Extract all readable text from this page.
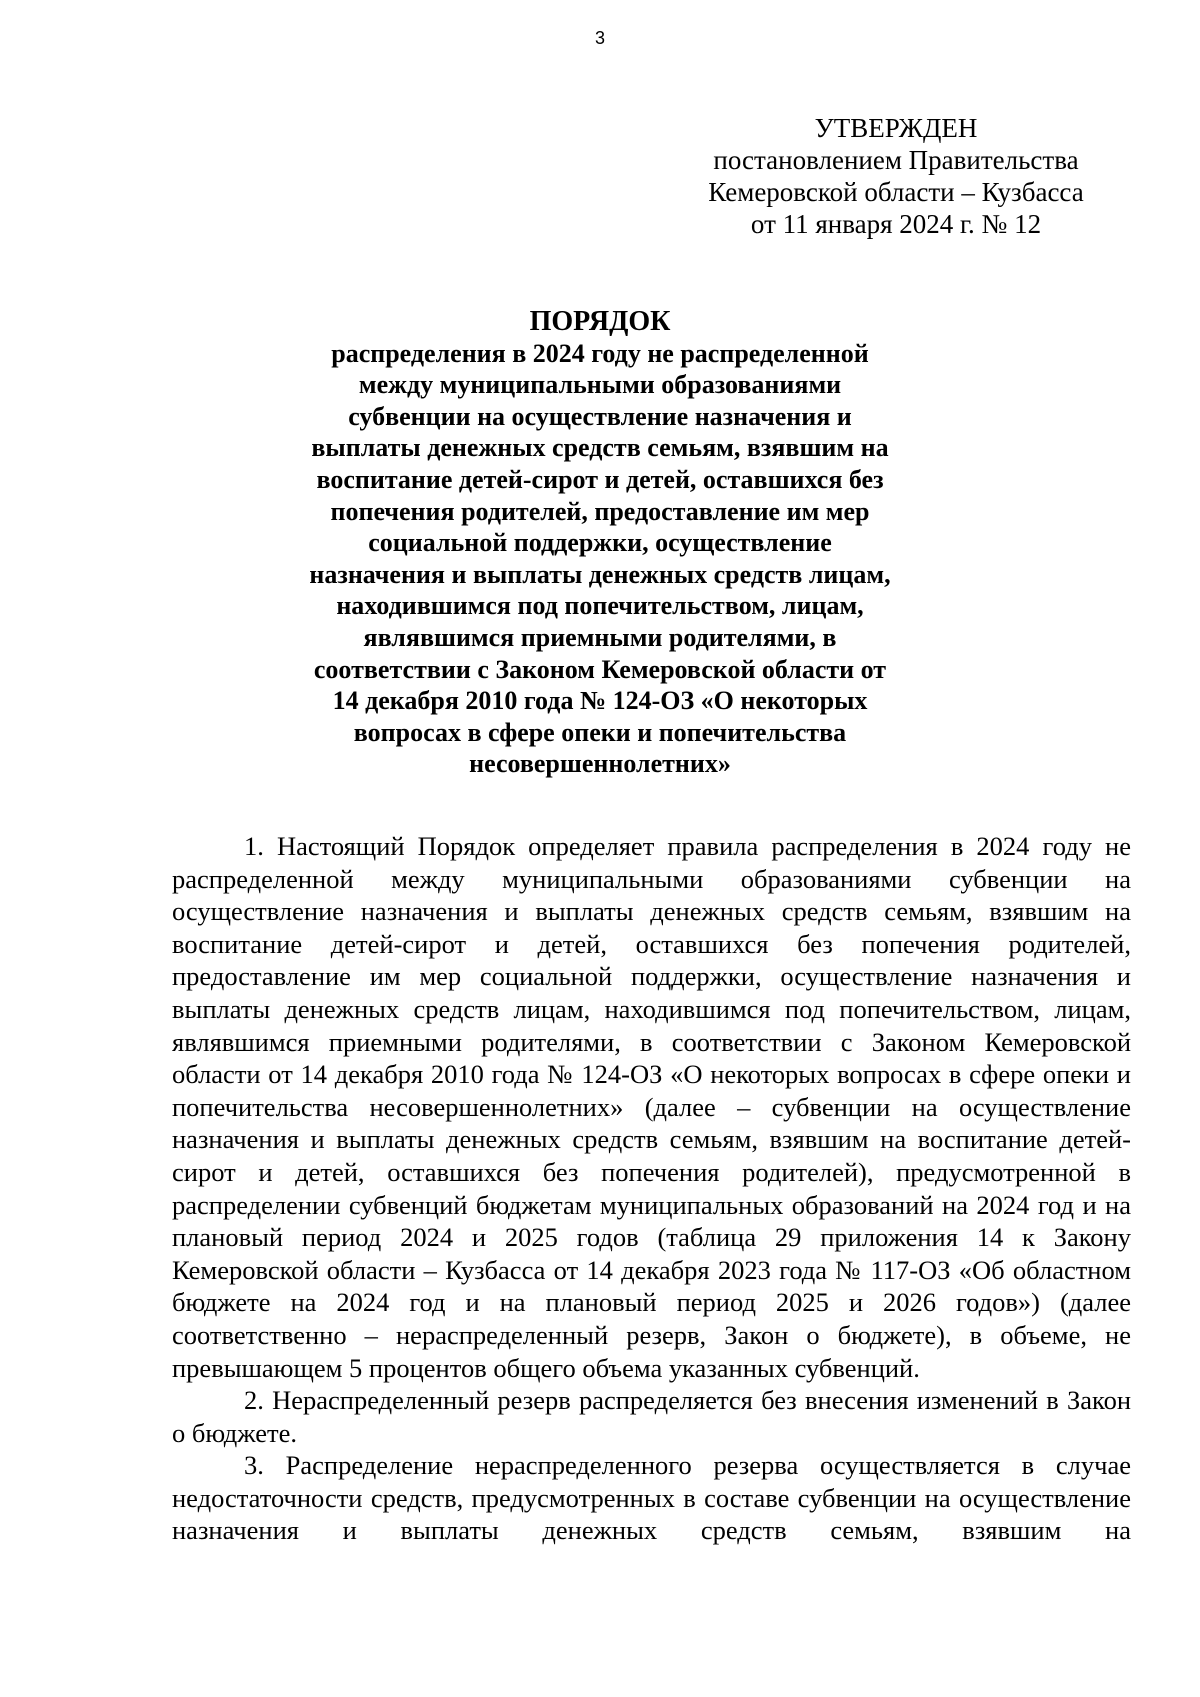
3
УТВЕРЖДЕН
постановлением Правительства
Кемеровской области – Кузбасса
от 11 января 2024 г. № 12
ПОРЯДОК
распределения в 2024 году не распределенной между муниципальными образованиями субвенции на осуществление назначения и выплаты денежных средств семьям, взявшим на воспитание детей-сирот и детей, оставшихся без попечения родителей, предоставление им мер социальной поддержки, осуществление назначения и выплаты денежных средств лицам, находившимся под попечительством, лицам, являвшимся приемными родителями, в соответствии с Законом Кемеровской области от 14 декабря 2010 года № 124-ОЗ «О некоторых вопросах в сфере опеки и попечительства несовершеннолетних»

1. Настоящий Порядок определяет правила распределения в 2024 году не распределенной между муниципальными образованиями субвенции на осуществление назначения и выплаты денежных средств семьям, взявшим на воспитание детей-сирот и детей, оставшихся без попечения родителей, предоставление им мер социальной поддержки, осуществление назначения и выплаты денежных средств лицам, находившимся под попечительством, лицам, являвшимся приемными родителями, в соответствии с Законом Кемеровской области от 14 декабря 2010 года № 124-ОЗ «О некоторых вопросах в сфере опеки и попечительства несовершеннолетних» (далее – субвенции на осуществление назначения и выплаты денежных средств семьям, взявшим на воспитание детей-сирот и детей, оставшихся без попечения родителей), предусмотренной в распределении субвенций бюджетам муниципальных образований на 2024 год и на плановый период 2024 и 2025 годов (таблица 29 приложения 14 к Закону Кемеровской области – Кузбасса от 14 декабря 2023 года № 117-ОЗ «Об областном бюджете на 2024 год и на плановый период 2025 и 2026 годов») (далее соответственно – нераспределенный резерв, Закон о бюджете), в объеме, не превышающем 5 процентов общего объема указанных субвенций.

2. Нераспределенный резерв распределяется без внесения изменений в Закон о бюджете.

3. Распределение нераспределенного резерва осуществляется в случае недостаточности средств, предусмотренных в составе субвенции на осуществление назначения и выплаты денежных средств семьям, взявшим на
